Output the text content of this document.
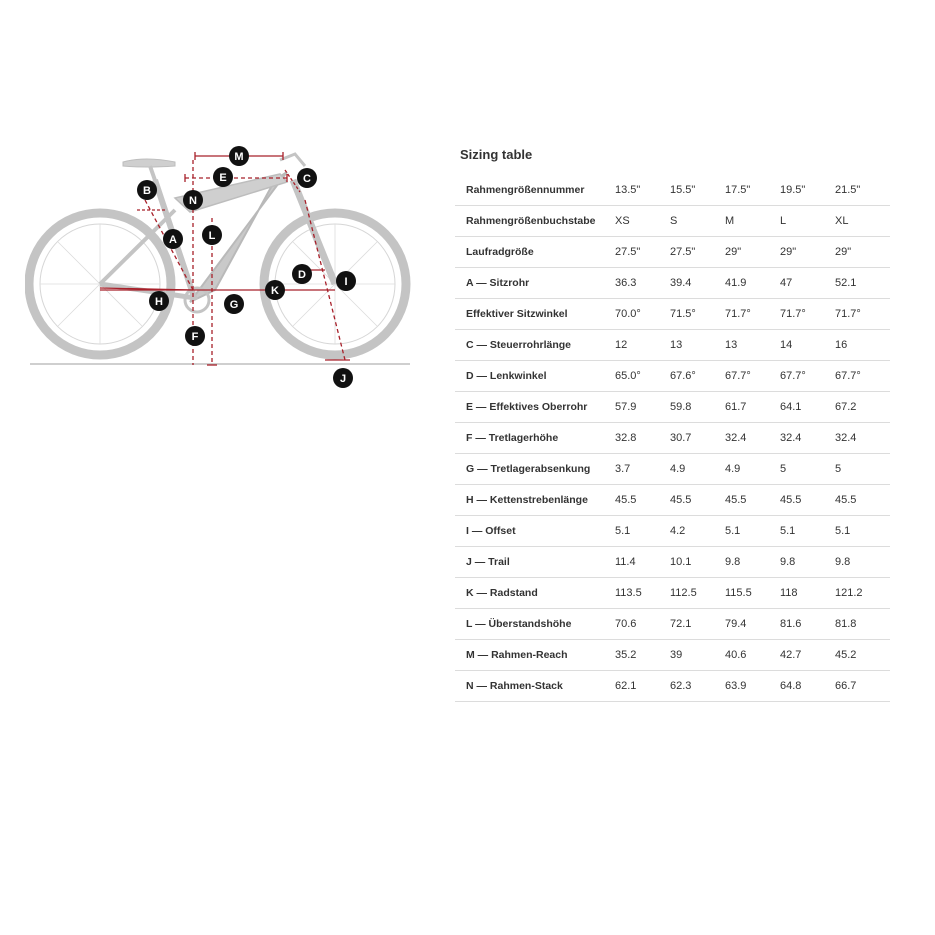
M
E	C
B
N
A	L
D
I
K
H	G
F
J
Sizing table
Rahmengrößennummer	13.5"	15.5"	17.5"	19.5"	21.5"
Rahmengrößenbuchstabe	XS	S	M	L	XL
Laufradgröße	27.5"	27.5"	29"	29"	29"
A — Sitzrohr	36.3	39.4	41.9	47	52.1
Effektiver Sitzwinkel	70.0°	71.5°	71.7°	71.7°	71.7°
C — Steuerrohrlänge	12	13	13	14	16
D — Lenkwinkel	65.0°	67.6°	67.7°	67.7°	67.7°
E — Effektives Oberrohr	57.9	59.8	61.7	64.1	67.2
F — Tretlagerhöhe	32.8	30.7	32.4	32.4	32.4
G — Tretlagerabsenkung	3.7	4.9	4.9	5	5
H — Kettenstrebenlänge	45.5	45.5	45.5	45.5	45.5
I — Offset	5.1	4.2	5.1	5.1	5.1
J — Trail	11.4	10.1	9.8	9.8	9.8
K — Radstand	113.5	112.5	115.5	118	121.2
L — Überstandshöhe	70.6	72.1	79.4	81.6	81.8
M — Rahmen-Reach	35.2	39	40.6	42.7	45.2
N — Rahmen-Stack	62.1	62.3	63.9	64.8	66.7
